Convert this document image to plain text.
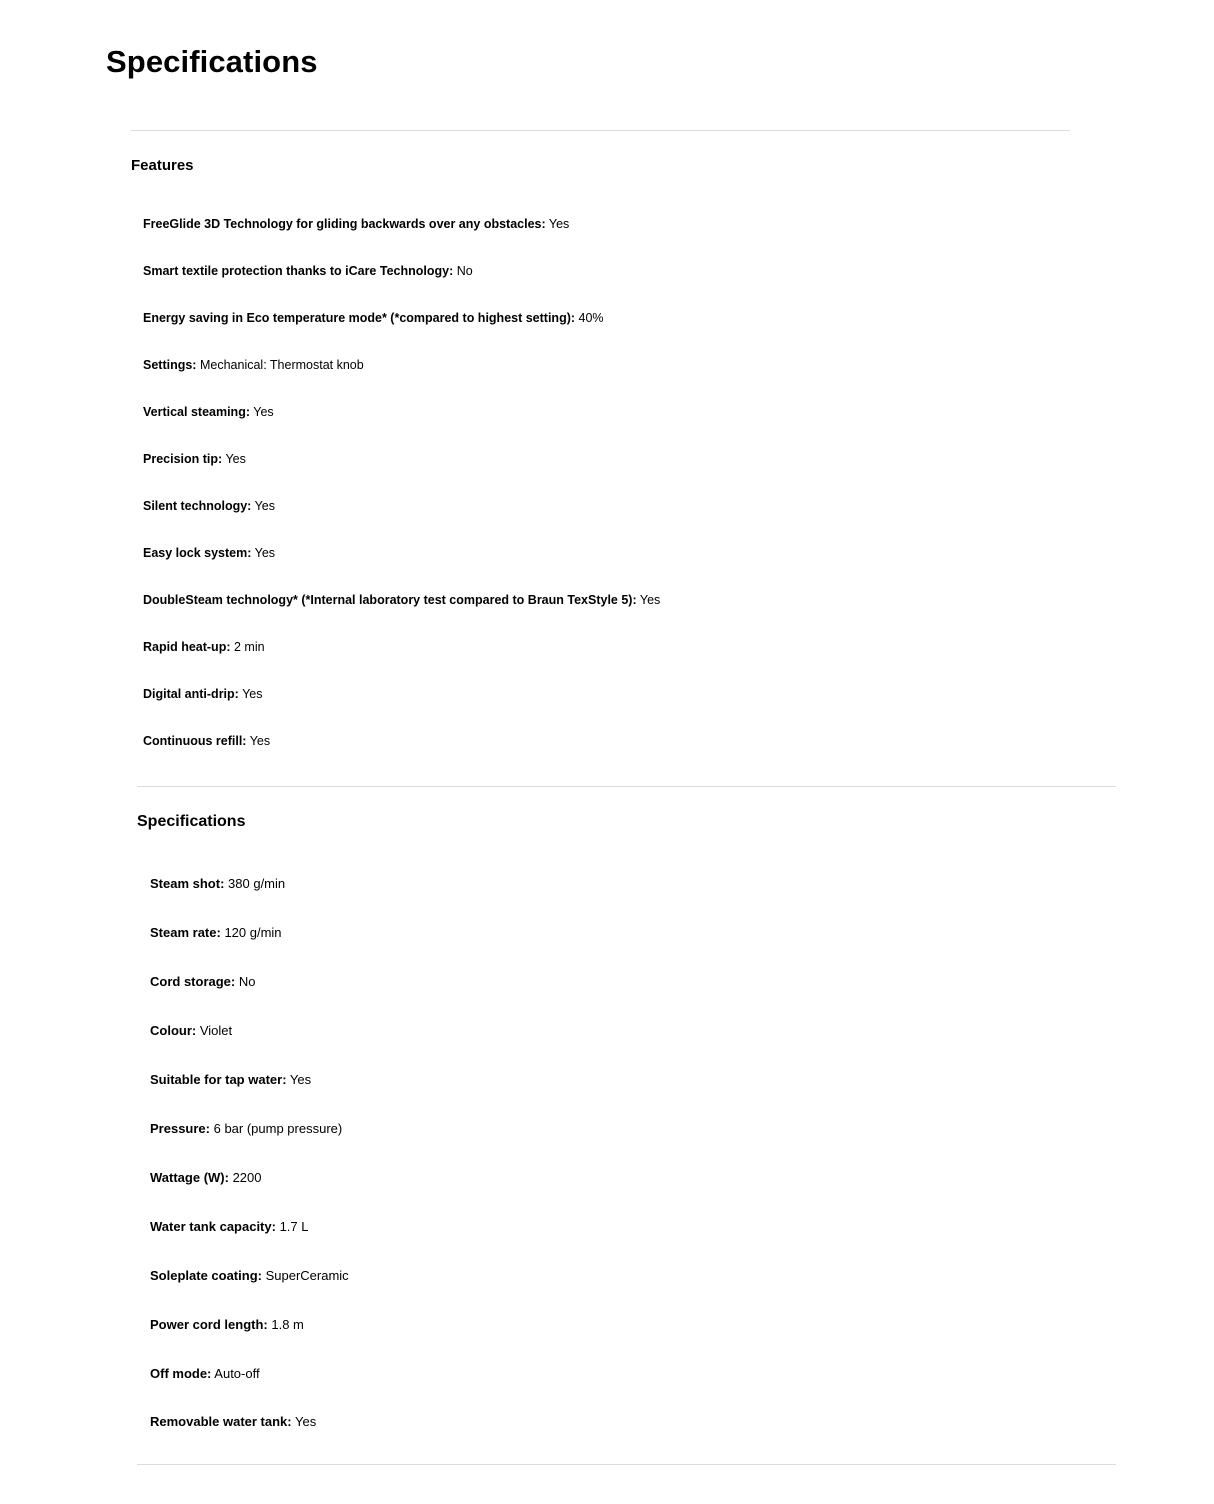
Specifications
Features
FreeGlide 3D Technology for gliding backwards over any obstacles: Yes
Smart textile protection thanks to iCare Technology: No
Energy saving in Eco temperature mode* (*compared to highest setting): 40%
Settings: Mechanical: Thermostat knob
Vertical steaming: Yes
Precision tip: Yes
Silent technology: Yes
Easy lock system: Yes
DoubleSteam technology* (*Internal laboratory test compared to Braun TexStyle 5): Yes
Rapid heat-up: 2 min
Digital anti-drip: Yes
Continuous refill: Yes
Specifications
Steam shot: 380 g/min
Steam rate: 120 g/min
Cord storage: No
Colour: Violet
Suitable for tap water: Yes
Pressure: 6 bar (pump pressure)
Wattage (W): 2200
Water tank capacity: 1.7 L
Soleplate coating: SuperCeramic
Power cord length: 1.8 m
Off mode: Auto-off
Removable water tank: Yes
